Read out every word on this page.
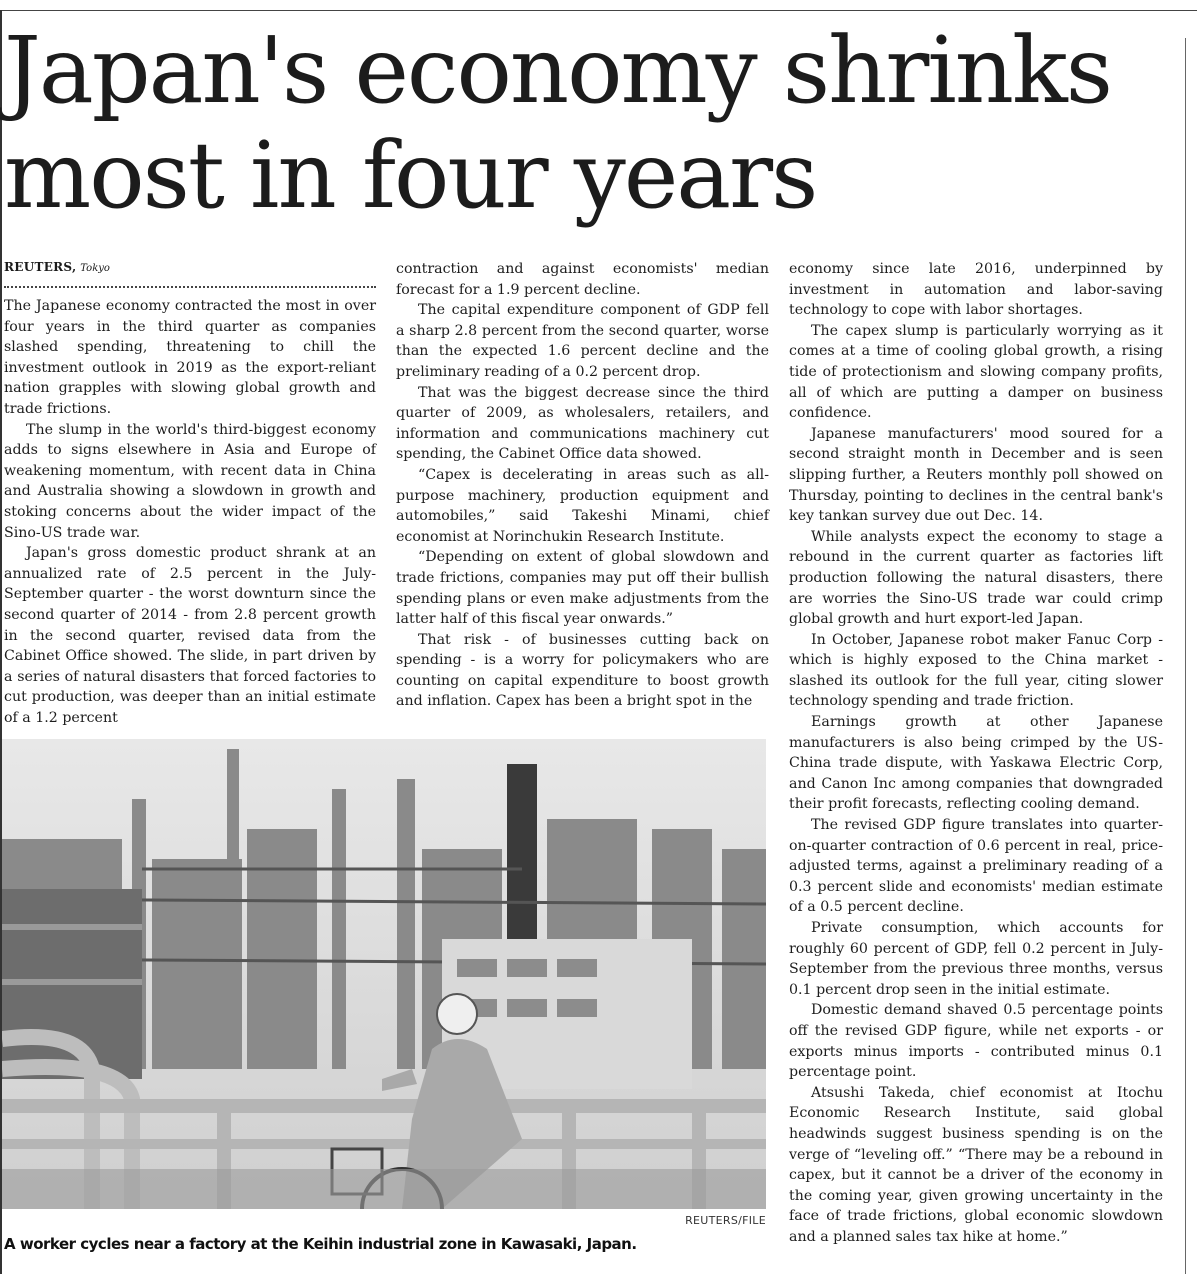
Japan's economy shrinks most in four years
REUTERS, Tokyo

The Japanese economy contracted the most in over four years in the third quarter as companies slashed spending, threatening to chill the investment outlook in 2019 as the export-reliant nation grapples with slowing global growth and trade frictions.

The slump in the world's third-biggest economy adds to signs elsewhere in Asia and Europe of weakening momentum, with recent data in China and Australia showing a slowdown in growth and stoking concerns about the wider impact of the Sino-US trade war.

Japan's gross domestic product shrank at an annualized rate of 2.5 percent in the July-September quarter - the worst downturn since the second quarter of 2014 - from 2.8 percent growth in the second quarter, revised data from the Cabinet Office showed. The slide, in part driven by a series of natural disasters that forced factories to cut production, was deeper than an initial estimate of a 1.2 percent

contraction and against economists' median forecast for a 1.9 percent decline.

The capital expenditure component of GDP fell a sharp 2.8 percent from the second quarter, worse than the expected 1.6 percent decline and the preliminary reading of a 0.2 percent drop.

That was the biggest decrease since the third quarter of 2009, as wholesalers, retailers, and information and communications machinery cut spending, the Cabinet Office data showed.

“Capex is decelerating in areas such as all-purpose machinery, production equipment and automobiles,” said Takeshi Minami, chief economist at Norinchukin Research Institute.

“Depending on extent of global slowdown and trade frictions, companies may put off their bullish spending plans or even make adjustments from the latter half of this fiscal year onwards.”

That risk - of businesses cutting back on spending - is a worry for policymakers who are counting on capital expenditure to boost growth and inflation. Capex has been a bright spot in the

economy since late 2016, underpinned by investment in automation and labor-saving technology to cope with labor shortages.

The capex slump is particularly worrying as it comes at a time of cooling global growth, a rising tide of protectionism and slowing company profits, all of which are putting a damper on business confidence.

Japanese manufacturers' mood soured for a second straight month in December and is seen slipping further, a Reuters monthly poll showed on Thursday, pointing to declines in the central bank's key tankan survey due out Dec. 14.

While analysts expect the economy to stage a rebound in the current quarter as factories lift production following the natural disasters, there are worries the Sino-US trade war could crimp global growth and hurt export-led Japan.

In October, Japanese robot maker Fanuc Corp - which is highly exposed to the China market - slashed its outlook for the full year, citing slower technology spending and trade friction.

Earnings growth at other Japanese manufacturers is also being crimped by the US-China trade dispute, with Yaskawa Electric Corp, and Canon Inc among companies that downgraded their profit forecasts, reflecting cooling demand.

The revised GDP figure translates into quarter-on-quarter contraction of 0.6 percent in real, price-adjusted terms, against a preliminary reading of a 0.3 percent slide and economists' median estimate of a 0.5 percent decline.

Private consumption, which accounts for roughly 60 percent of GDP, fell 0.2 percent in July-September from the previous three months, versus 0.1 percent drop seen in the initial estimate.

Domestic demand shaved 0.5 percentage points off the revised GDP figure, while net exports - or exports minus imports - contributed minus 0.1 percentage point.

Atsushi Takeda, chief economist at Itochu Economic Research Institute, said global headwinds suggest business spending is on the verge of “leveling off.” “There may be a rebound in capex, but it cannot be a driver of the economy in the coming year, given growing uncertainty in the face of trade frictions, global economic slowdown and a planned sales tax hike at home.”

REUTERS/FILE
A worker cycles near a factory at the Keihin industrial zone in Kawasaki, Japan.
